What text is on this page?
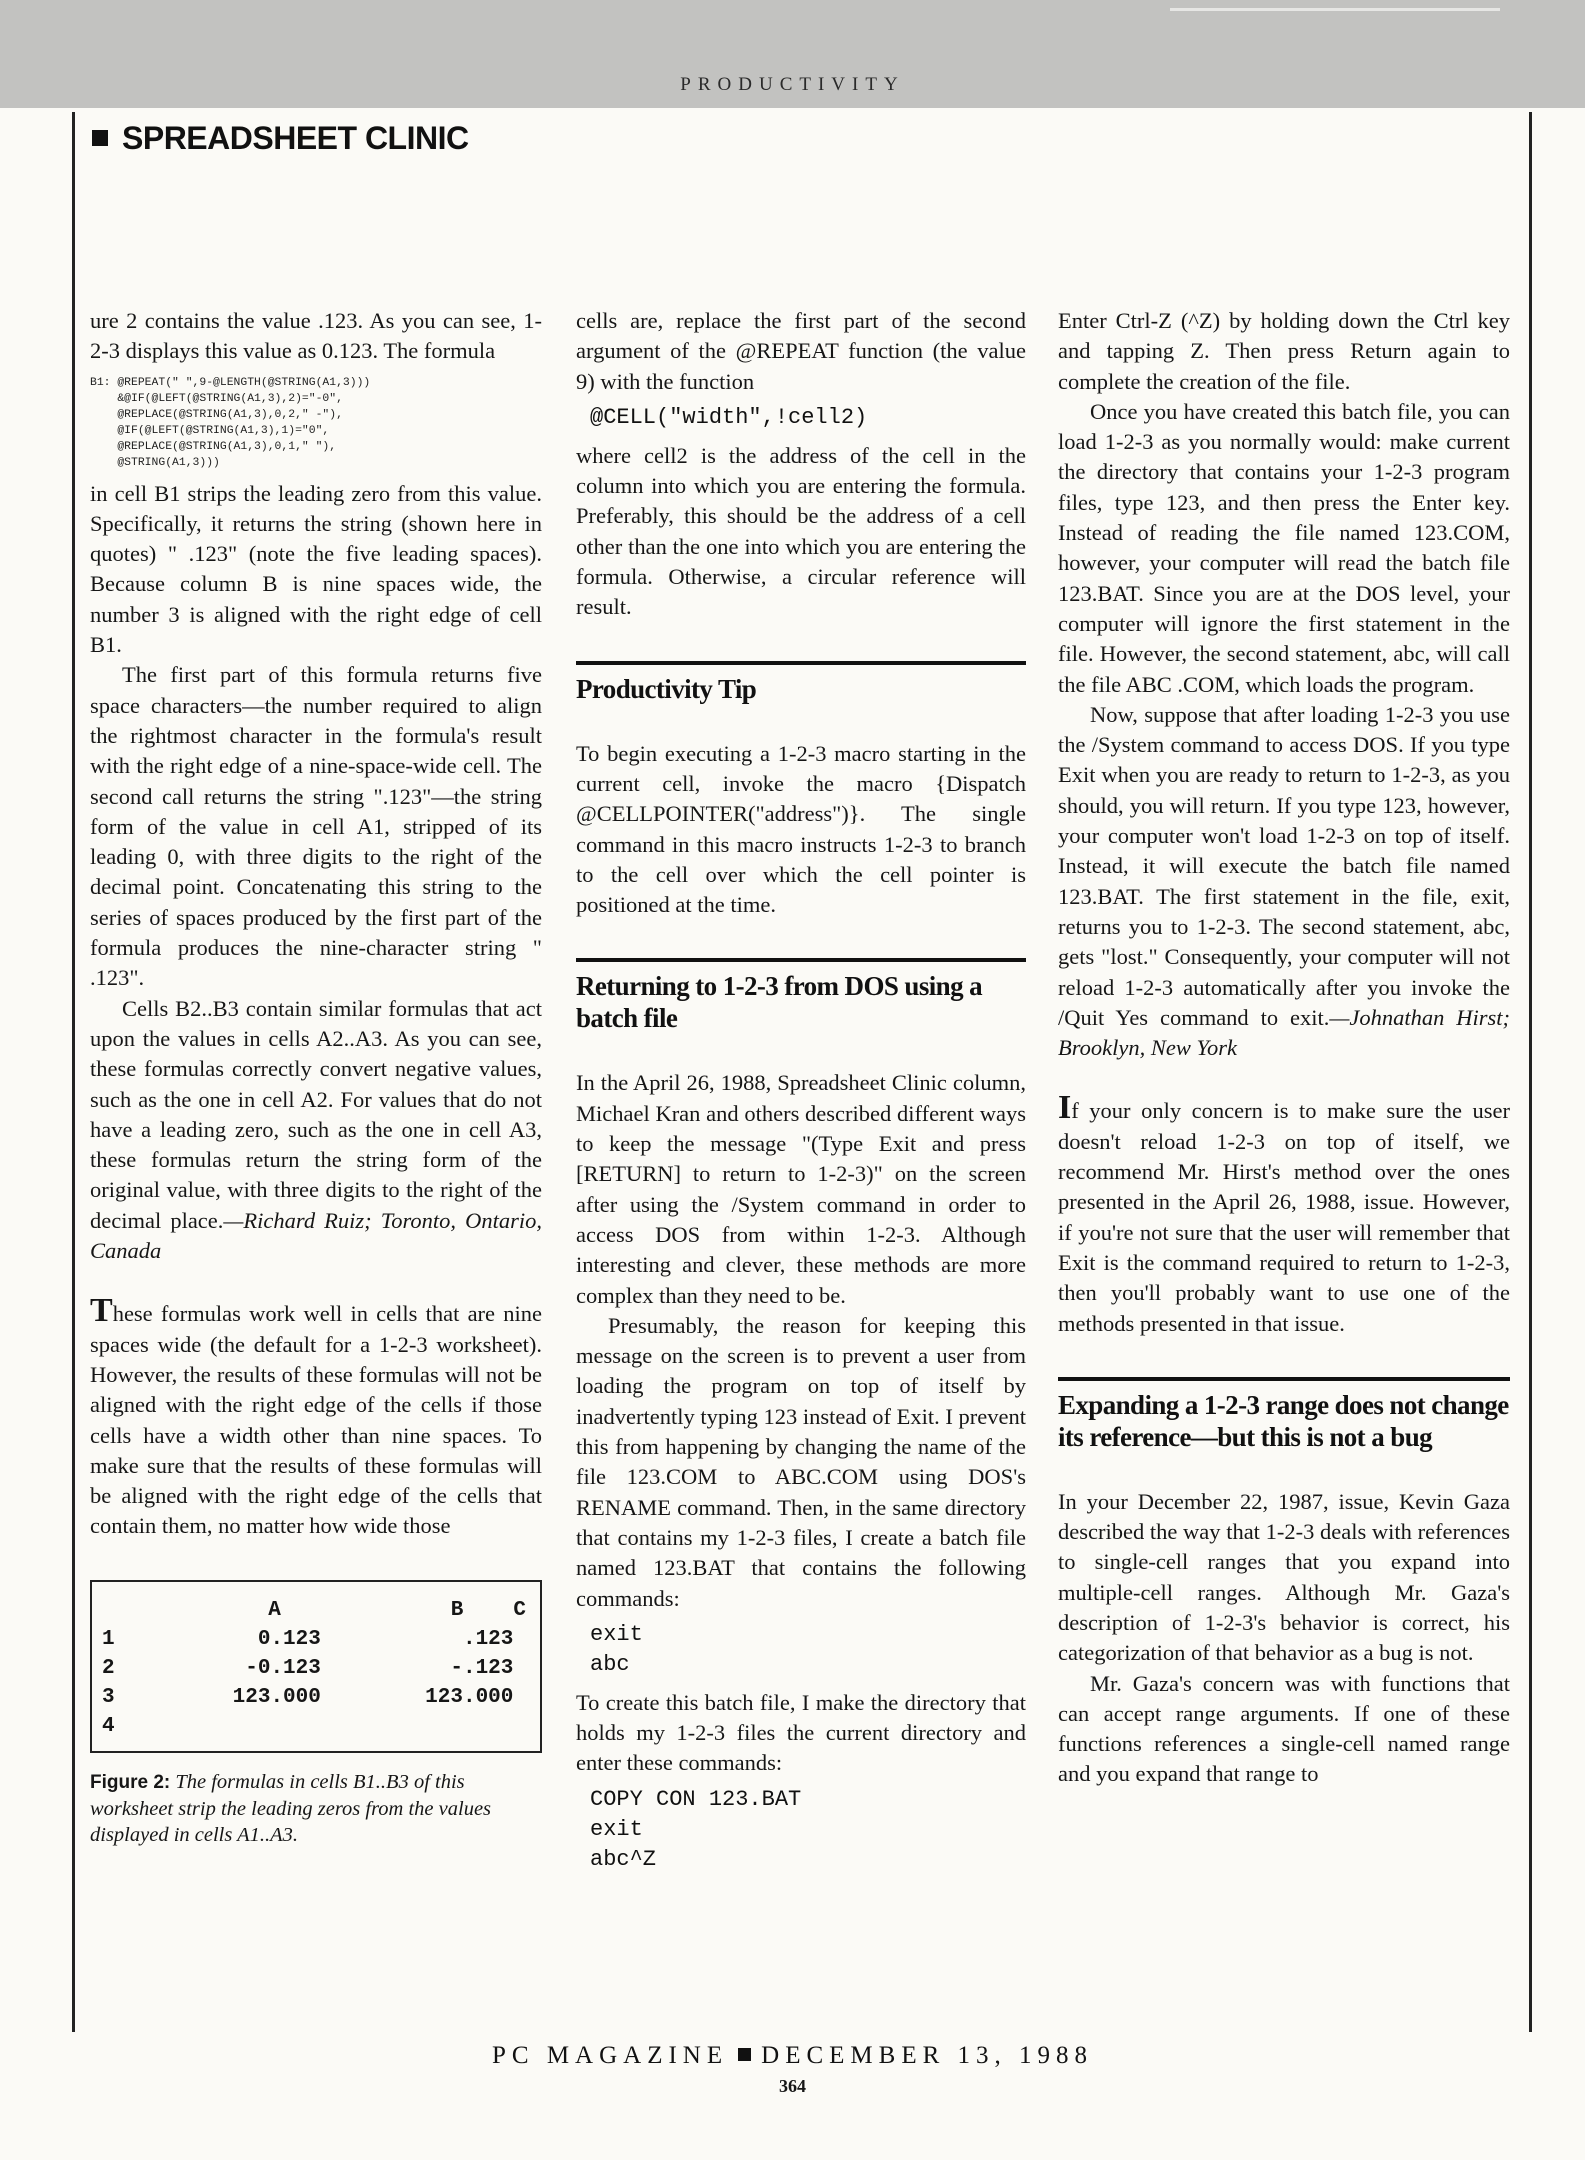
PRODUCTIVITY
SPREADSHEET CLINIC

ure 2 contains the value .123. As you can see, 1-2-3 displays this value as 0.123. The formula

B1: @REPEAT(" ",9-@LENGTH(@STRING(A1,3)))
&@IF(@LEFT(@STRING(A1,3),2)="-0",
@REPLACE(@STRING(A1,3),0,2," -"),
@IF(@LEFT(@STRING(A1,3),1)="0",
@REPLACE(@STRING(A1,3),0,1," "),
@STRING(A1,3)))

in cell B1 strips the leading zero from this value. Specifically, it returns the string (shown here in quotes) " .123" (note the five leading spaces). Because column B is nine spaces wide, the number 3 is aligned with the right edge of cell B1.

The first part of this formula returns five space characters—the number required to align the rightmost character in the formula's result with the right edge of a nine-space-wide cell. The second call returns the string ".123"—the string form of the value in cell A1, stripped of its leading 0, with three digits to the right of the decimal point. Concatenating this string to the series of spaces produced by the first part of the formula produces the nine-character string " .123".

Cells B2..B3 contain similar formulas that act upon the values in cells A2..A3. As you can see, these formulas correctly convert negative values, such as the one in cell A2. For values that do not have a leading zero, such as the one in cell A3, these formulas return the string form of the original value, with three digits to the right of the decimal place.—Richard Ruiz; Toronto, Ontario, Canada

These formulas work well in cells that are nine spaces wide (the default for a 1-2-3 worksheet). However, the results of these formulas will not be aligned with the right edge of the cells if those cells have a width other than nine spaces. To make sure that the results of these formulas will be aligned with the right edge of the cells that contain them, no matter how wide those

	A	B	C
1	0.123	.123	
2	-0.123	-.123	
3	123.000	123.000	
4			

Figure 2: The formulas in cells B1..B3 of this worksheet strip the leading zeros from the values displayed in cells A1..A3.

cells are, replace the first part of the second argument of the @REPEAT function (the value 9) with the function

@CELL("width",!cell2)

where cell2 is the address of the cell in the column into which you are entering the formula. Preferably, this should be the address of a cell other than the one into which you are entering the formula. Otherwise, a circular reference will result.

Productivity Tip

To begin executing a 1-2-3 macro starting in the current cell, invoke the macro {Dispatch @CELLPOINTER("address")}. The single command in this macro instructs 1-2-3 to branch to the cell over which the cell pointer is positioned at the time.

Returning to 1-2-3 from DOS using a batch file

In the April 26, 1988, Spreadsheet Clinic column, Michael Kran and others described different ways to keep the message "(Type Exit and press [RETURN] to return to 1-2-3)" on the screen after using the /System command in order to access DOS from within 1-2-3. Although interesting and clever, these methods are more complex than they need to be.

Presumably, the reason for keeping this message on the screen is to prevent a user from loading the program on top of itself by inadvertently typing 123 instead of Exit. I prevent this from happening by changing the name of the file 123.COM to ABC.COM using DOS's RENAME command. Then, in the same directory that contains my 1-2-3 files, I create a batch file named 123.BAT that contains the following commands:

exit
abc

To create this batch file, I make the directory that holds my 1-2-3 files the current directory and enter these commands:

COPY CON 123.BAT
exit
abc^Z

Enter Ctrl-Z (^Z) by holding down the Ctrl key and tapping Z. Then press Return again to complete the creation of the file.

Once you have created this batch file, you can load 1-2-3 as you normally would: make current the directory that contains your 1-2-3 program files, type 123, and then press the Enter key. Instead of reading the file named 123.COM, however, your computer will read the batch file 123.BAT. Since you are at the DOS level, your computer will ignore the first statement in the file. However, the second statement, abc, will call the file ABC .COM, which loads the program.

Now, suppose that after loading 1-2-3 you use the /System command to access DOS. If you type Exit when you are ready to return to 1-2-3, as you should, you will return. If you type 123, however, your computer won't load 1-2-3 on top of itself. Instead, it will execute the batch file named 123.BAT. The first statement in the file, exit, returns you to 1-2-3. The second statement, abc, gets "lost." Consequently, your computer will not reload 1-2-3 automatically after you invoke the /Quit Yes command to exit.—Johnathan Hirst; Brooklyn, New York

If your only concern is to make sure the user doesn't reload 1-2-3 on top of itself, we recommend Mr. Hirst's method over the ones presented in the April 26, 1988, issue. However, if you're not sure that the user will remember that Exit is the command required to return to 1-2-3, then you'll probably want to use one of the methods presented in that issue.

Expanding a 1-2-3 range does not change its reference—but this is not a bug

In your December 22, 1987, issue, Kevin Gaza described the way that 1-2-3 deals with references to single-cell ranges that you expand into multiple-cell ranges. Although Mr. Gaza's description of 1-2-3's behavior is correct, his categorization of that behavior as a bug is not.

Mr. Gaza's concern was with functions that can accept range arguments. If one of these functions references a single-cell named range and you expand that range to

PC MAGAZINE DECEMBER 13, 1988
364
